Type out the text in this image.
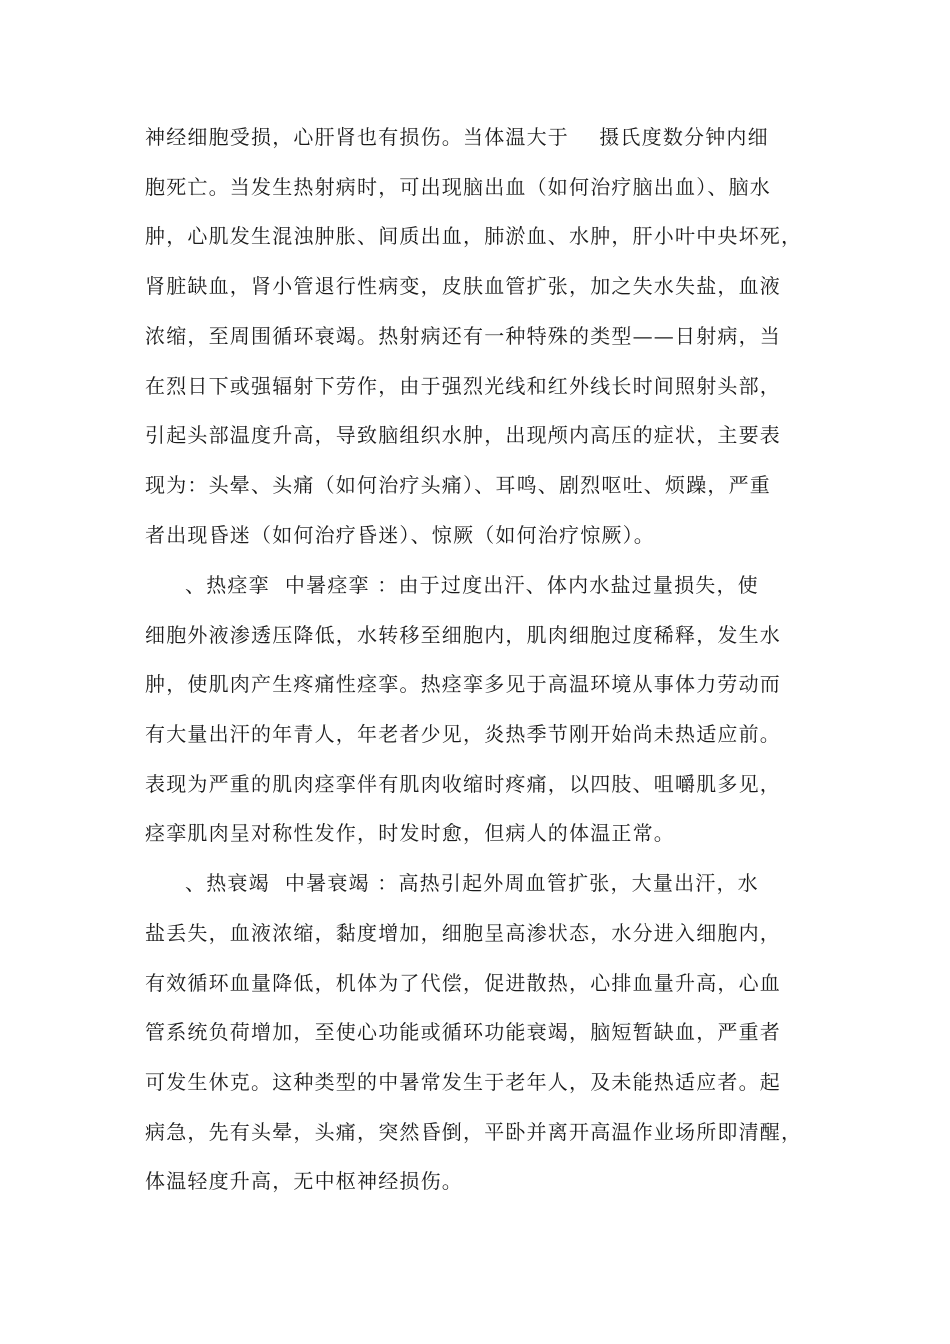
神经细胞受损，心肝肾也有损伤。当体温大于    摄氏度数分钟内细

胞死亡。当发生热射病时，可出现脑出血（如何治疗脑出血）、脑水

肿，心肌发生混浊肿胀、间质出血，肺淤血、水肿，肝小叶中央坏死，

肾脏缺血，肾小管退行性病变，皮肤血管扩张，加之失水失盐，血液

浓缩，至周围循环衰竭。热射病还有一种特殊的类型——日射病，当

在烈日下或强辐射下劳作，由于强烈光线和红外线长时间照射头部，

引起头部温度升高，导致脑组织水肿，出现颅内高压的症状，主要表

现为：头晕、头痛（如何治疗头痛）、耳鸣、剧烈呕吐、烦躁，严重

者出现昏迷（如何治疗昏迷）、惊厥（如何治疗惊厥）。

、热痉挛  中暑痉挛 ：由于过度出汗、体内水盐过量损失，使

细胞外液渗透压降低，水转移至细胞内，肌肉细胞过度稀释，发生水

肿，使肌肉产生疼痛性痉挛。热痉挛多见于高温环境从事体力劳动而

有大量出汗的年青人，年老者少见，炎热季节刚开始尚未热适应前。

表现为严重的肌肉痉挛伴有肌肉收缩时疼痛，以四肢、咀嚼肌多见，

痉挛肌肉呈对称性发作，时发时愈，但病人的体温正常。

、热衰竭  中暑衰竭 ：高热引起外周血管扩张，大量出汗，水

盐丢失，血液浓缩，黏度增加，细胞呈高渗状态，水分进入细胞内，

有效循环血量降低，机体为了代偿，促进散热，心排血量升高，心血

管系统负荷增加，至使心功能或循环功能衰竭，脑短暂缺血，严重者

可发生休克。这种类型的中暑常发生于老年人，及未能热适应者。起

病急，先有头晕，头痛，突然昏倒，平卧并离开高温作业场所即清醒，

体温轻度升高，无中枢神经损伤。
